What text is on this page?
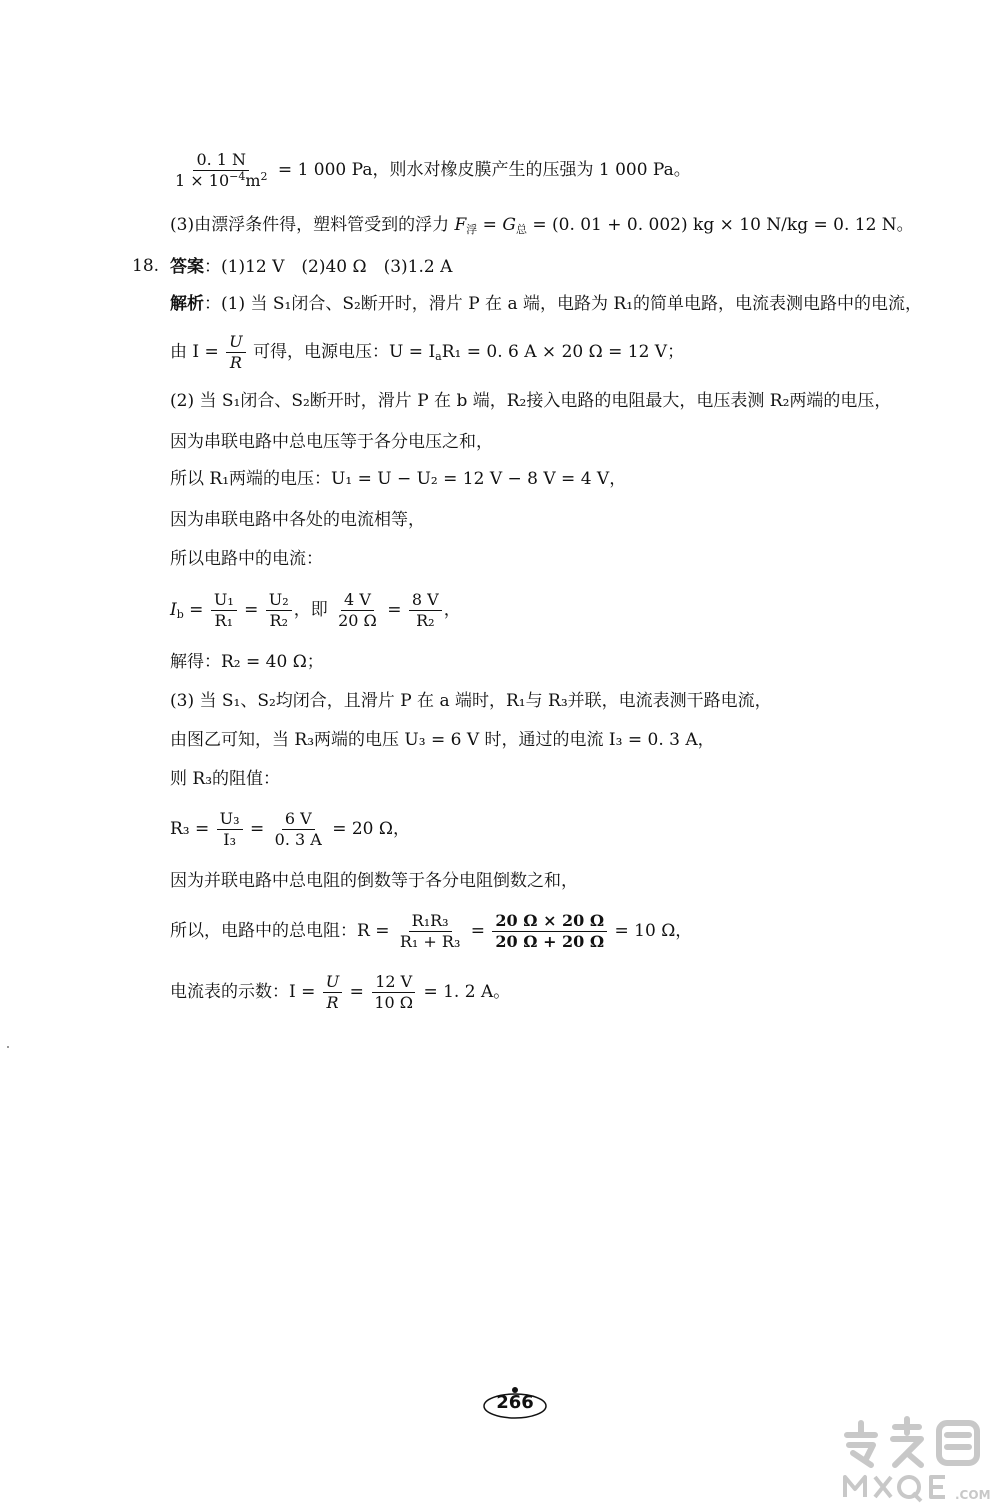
$\frac{0. 1 N}{1 \times 10^{-4}m^2} = 1$ 000 Pa，则水对橡皮膜产生的压强为 1 000 Pa。
(3)由漂浮条件得，塑料管受到的浮力 $F_浮 = G_总 = (0$. 01 + 0. 002) kg × 10 N/kg = 0. 12 N。
18. 答案：(1)12 V　(2)40 Ω　(3)1.2 A
解析：(1) 当 S₁闭合、S₂断开时，滑片 P 在 a 端，电路为 R₁的简单电路，电流表测电路中的电流，
由 $I = \frac{U}{R}$ 可得，电源电压：$U = I_aR_1 = 0$. 6 A × 20 Ω = 12 V；
(2) 当 S₁闭合、S₂断开时，滑片 P 在 b 端，R₂接入电路的电阻最大，电压表测 R₂两端的电压，
因为串联电路中总电压等于各分电压之和，
所以 R₁两端的电压：U₁ = U − U₂ = 12 V − 8 V = 4 V，
因为串联电路中各处的电流相等，
所以电路中的电流：
$I_b = \frac{\text{U₁}}{\text{R₁}} = \frac{\text{U₂}}{\text{R₂}}$ ，即 $\frac{4 V}{20 \Omega} = \frac{8 V}{\text{R₂}}$ ，
解得：R₂ = 40 Ω；
(3) 当 S₁、S₂均闭合，且滑片 P 在 a 端时，R₁与 R₃并联，电流表测干路电流，
由图乙可知，当 R₃两端的电压 U₃ = 6 V 时，通过的电流 I₃ = 0. 3 A，
则 R₃的阻值：
$R_3 = \frac{\text{U₃}}{\text{I₃}} = \frac{6 V}{0. 3 A} = 20$ Ω，
因为并联电路中总电阻的倒数等于各分电阻倒数之和，
所以，电路中的总电阻：$R = \frac{\text{R₁R₃}}{\text{R₁ + R₃}} = \frac{20 \Omega \times 20 \Omega}{20 \Omega + 20 \Omega} = 10$ Ω，
电流表的示数：$I = \frac{U}{R} = \frac{12 V}{10 \Omega} = 1$. 2 A。
266
.COM
